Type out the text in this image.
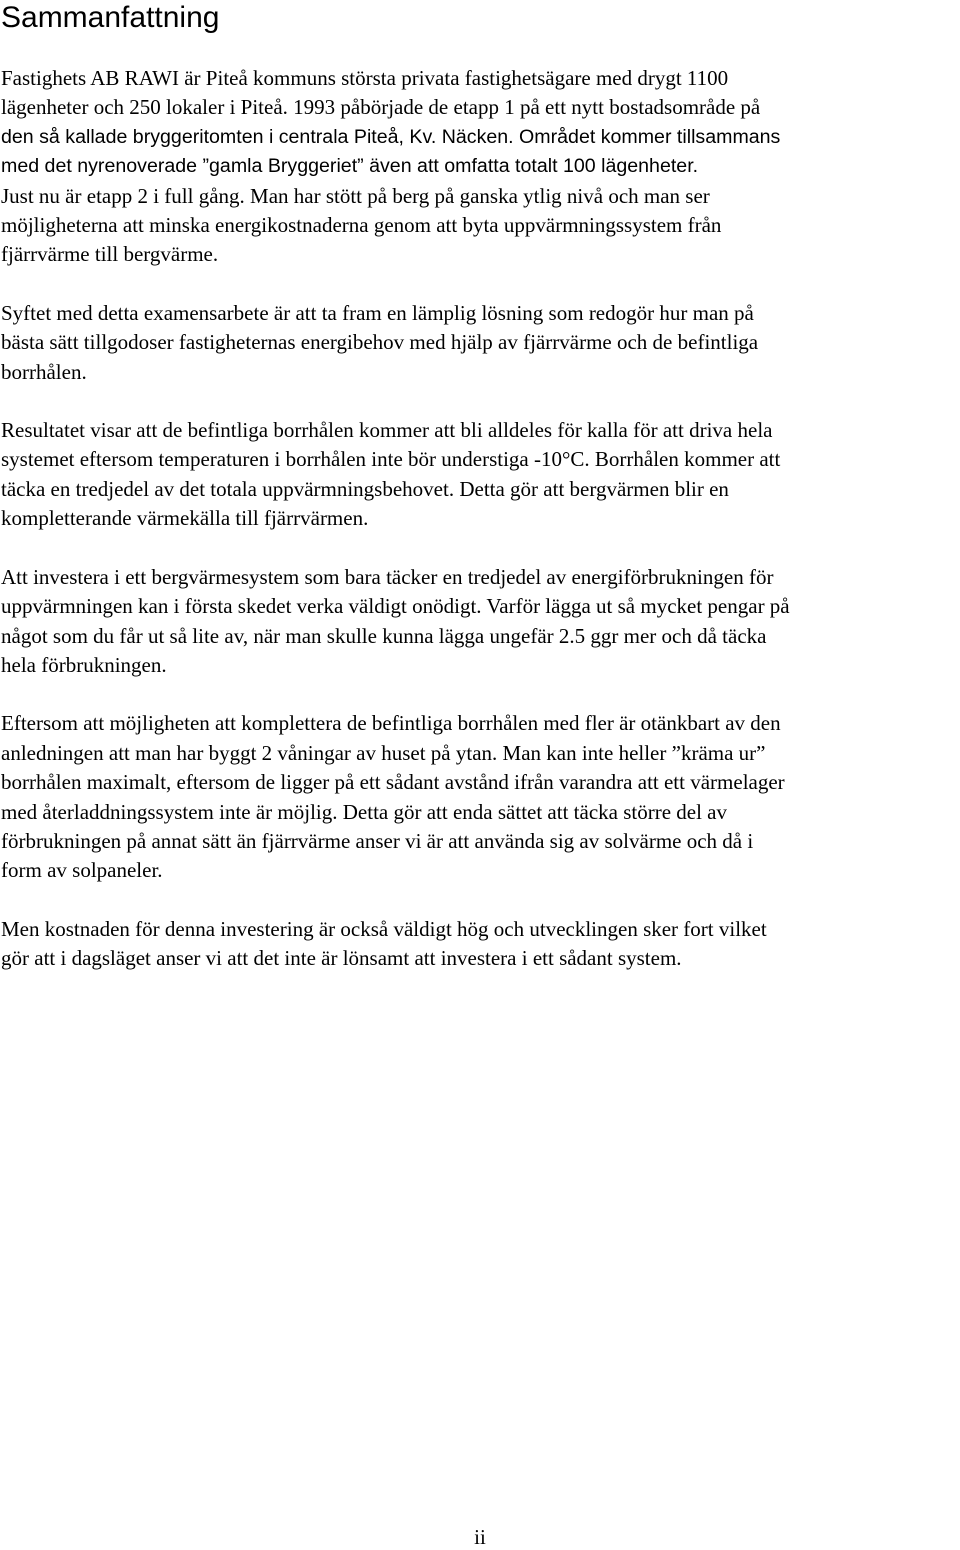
Sammanfattning

Fastighets AB RAWI är Piteå kommuns största privata fastighetsägare med drygt 1100
lägenheter och 250 lokaler i Piteå. 1993 påbörjade de etapp 1 på ett nytt bostadsområde på
den så kallade bryggeritomten i centrala Piteå, Kv. Näcken. Området kommer tillsammans
med det nyrenoverade ”gamla Bryggeriet” även att omfatta totalt 100 lägenheter.
Just nu är etapp 2 i full gång. Man har stött på berg på ganska ytlig nivå och man ser
möjligheterna att minska energikostnaderna genom att byta uppvärmningssystem från
fjärrvärme till bergvärme.

Syftet med detta examensarbete är att ta fram en lämplig lösning som redogör hur man på
bästa sätt tillgodoser fastigheternas energibehov med hjälp av fjärrvärme och de befintliga
borrhålen.

Resultatet visar att de befintliga borrhålen kommer att bli alldeles för kalla för att driva hela
systemet eftersom temperaturen i borrhålen inte bör understiga -10°C. Borrhålen kommer att
täcka en tredjedel av det totala uppvärmningsbehovet. Detta gör att bergvärmen blir en
kompletterande värmekälla till fjärrvärmen.

Att investera i ett bergvärmesystem som bara täcker en tredjedel av energiförbrukningen för
uppvärmningen kan i första skedet verka väldigt onödigt. Varför lägga ut så mycket pengar på
något som du får ut så lite av, när man skulle kunna lägga ungefär 2.5 ggr mer och då täcka
hela förbrukningen.

Eftersom att möjligheten att komplettera de befintliga borrhålen med fler är otänkbart av den
anledningen att man har byggt 2 våningar av huset på ytan. Man kan inte heller ”kräma ur”
borrhålen maximalt, eftersom de ligger på ett sådant avstånd ifrån varandra att ett värmelager
med återladdningssystem inte är möjlig. Detta gör att enda sättet att täcka större del av
förbrukningen på annat sätt än fjärrvärme anser vi är att använda sig av solvärme och då i
form av solpaneler.

Men kostnaden för denna investering är också väldigt hög och utvecklingen sker fort vilket
gör att i dagsläget anser vi att det inte är lönsamt att investera i ett sådant system.

ii
